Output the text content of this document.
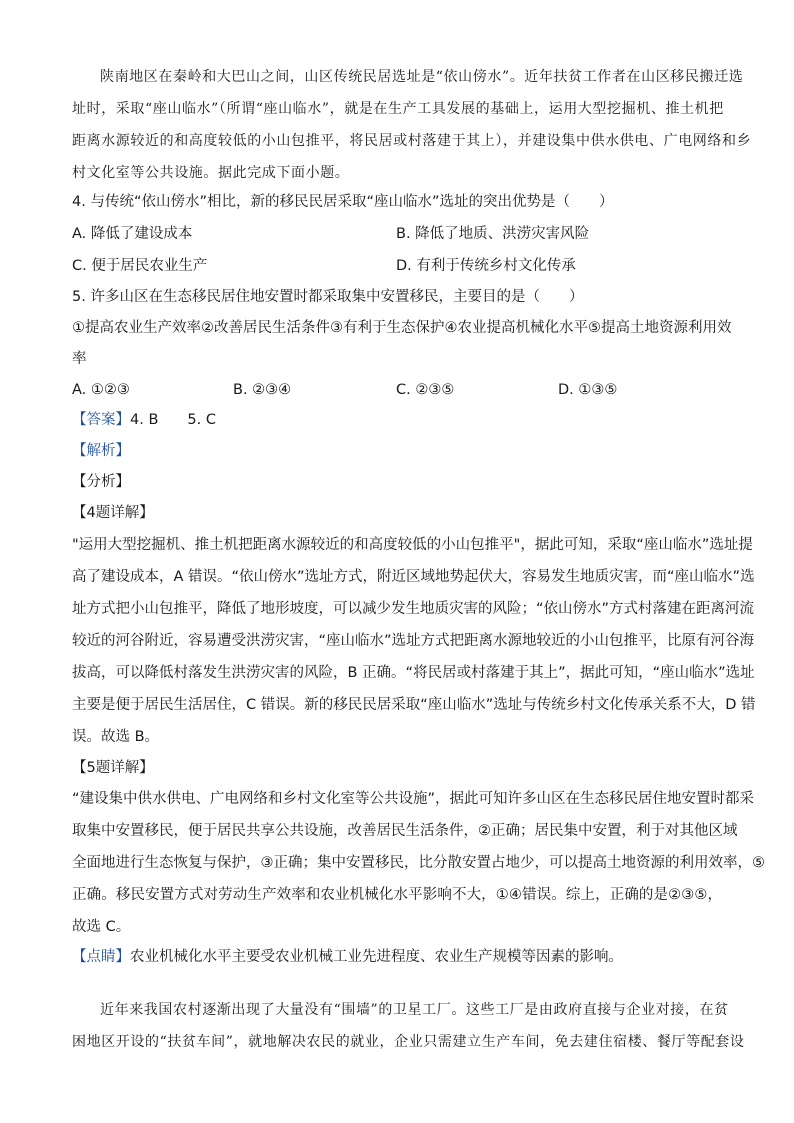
陕南地区在秦岭和大巴山之间，山区传统民居选址是“依山傍水”。近年扶贫工作者在山区移民搬迁选
址时，采取“座山临水”（所谓“座山临水”，就是在生产工具发展的基础上，运用大型挖掘机、推土机把
距离水源较近的和高度较低的小山包推平，将民居或村落建于其上），并建设集中供水供电、广电网络和乡
村文化室等公共设施。据此完成下面小题。
4. 与传统“依山傍水”相比，新的移民民居采取“座山临水”选址的突出优势是（　　）
A. 降低了建设成本	B. 降低了地质、洪涝灾害风险
C. 便于居民农业生产	D. 有利于传统乡村文化传承
5. 许多山区在生态移民居住地安置时都采取集中安置移民，主要目的是（　　）
①提高农业生产效率②改善居民生活条件③有利于生态保护④农业提高机械化水平⑤提高土地资源利用效
率
A. ①②③	B. ②③④	C. ②③⑤	D. ①③⑤
【答案】4. B　　5. C
【解析】
【分析】
【4题详解】
"运用大型挖掘机、推土机把距离水源较近的和高度较低的小山包推平"，据此可知，采取“座山临水”选址提
高了建设成本，A 错误。“依山傍水”选址方式，附近区域地势起伏大，容易发生地质灾害，而“座山临水”选
址方式把小山包推平，降低了地形坡度，可以减少发生地质灾害的风险；“依山傍水”方式村落建在距离河流
较近的河谷附近，容易遭受洪涝灾害，“座山临水”选址方式把距离水源地较近的小山包推平，比原有河谷海
拔高，可以降低村落发生洪涝灾害的风险，B 正确。“将民居或村落建于其上”，据此可知，“座山临水”选址
主要是便于居民生活居住，C 错误。新的移民民居采取“座山临水”选址与传统乡村文化传承关系不大，D 错
误。故选 B。
【5题详解】
“建设集中供水供电、广电网络和乡村文化室等公共设施”，据此可知许多山区在生态移民居住地安置时都采
取集中安置移民，便于居民共享公共设施，改善居民生活条件，②正确；居民集中安置，利于对其他区域
全面地进行生态恢复与保护，③正确；集中安置移民，比分散安置占地少，可以提高土地资源的利用效率，⑤
正确。移民安置方式对劳动生产效率和农业机械化水平影响不大，①④错误。综上，正确的是②③⑤，
故选 C。
【点睛】农业机械化水平主要受农业机械工业先进程度、农业生产规模等因素的影响。
近年来我国农村逐渐出现了大量没有“围墙”的卫星工厂。这些工厂是由政府直接与企业对接，在贫
困地区开设的“扶贫车间”，就地解决农民的就业，企业只需建立生产车间，免去建住宿楼、餐厅等配套设
